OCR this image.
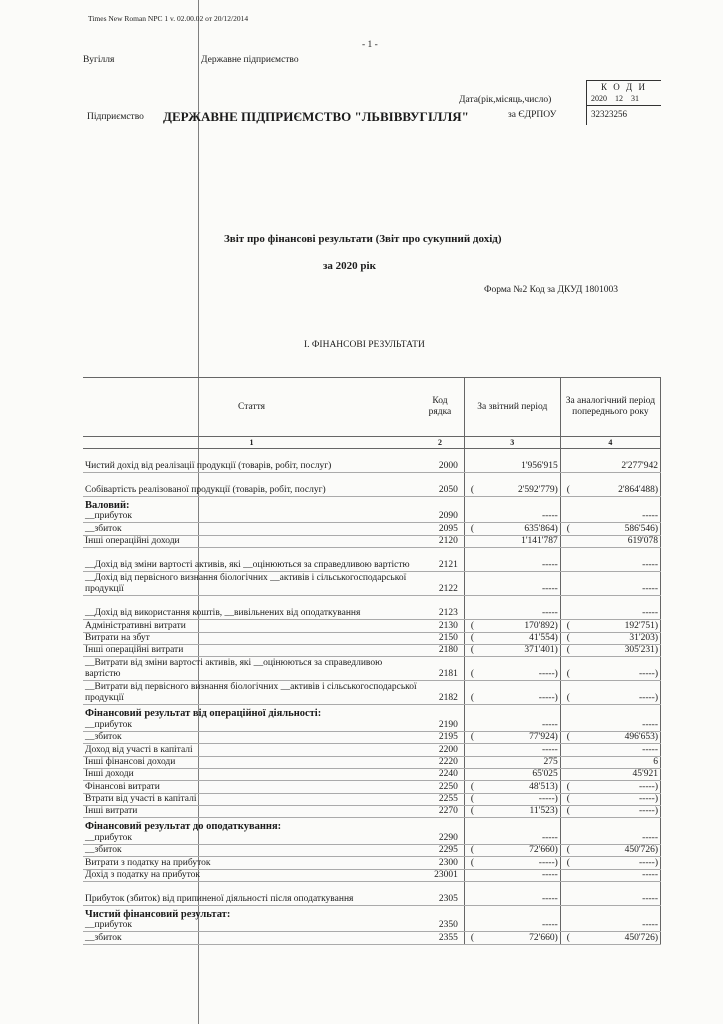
Times New Roman NPC 1 v. 02.00.02 от 20/12/2014
- 1 -
Вугілля	Державне підприємство
Дата(рік,місяць,число)
Підприємство ДЕРЖАВНЕ ПІДПРИЄМСТВО "ЛЬВІВВУГІЛЛЯ"	за ЄДРПОУ
К О Д И
2020 12 31
32323256
Звіт про фінансові результати (Звіт про сукупний дохід)
за 2020 рік
Форма №2 Код за ДКУД 1801003
І. ФІНАНСОВІ РЕЗУЛЬТАТИ
Стаття	Код рядка	За звітний період	За аналогічний період попереднього року
1	2	3	4
Чистий дохід від реалізації продукції (товарів, робіт, послуг)	2000	1'956'915	2'277'942
Собівартість реалізованої продукції (товарів, робіт, послуг)	2050	( 2'592'779)	( 2'864'488)
Валовий:			
__прибуток	2090	-----	-----
__збиток	2095	( 635'864)	( 586'546)
Інші операційні доходи	2120	1'141'787	619'078
__Дохід від зміни вартості активів, які __оцінюються за справедливою вартістю	2121	-----	-----
__Дохід від первісного визнання біологічних __активів і сільськогосподарської продукції	2122	-----	-----
__Дохід від використання коштів, __вивільнених від оподаткування	2123	-----	-----
Адміністративні витрати	2130	( 170'892)	( 192'751)
Витрати на збут	2150	( 41'554)	( 31'203)
Інші операційні витрати	2180	( 371'401)	( 305'231)
__Витрати від зміни вартості активів, які __оцінюються за справедливою вартістю	2181	( -----)	( -----)
__Витрати від первісного визнання біологічних __активів і сільськогосподарської продукції	2182	( -----)	( -----)
Фінансовий результат від операційної діяльності:			
__прибуток	2190	-----	-----
__збиток	2195	( 77'924)	( 496'653)
Доход від участі в капіталі	2200	-----	-----
Інші фінансові доходи	2220	275	6
Інші доходи	2240	65'025	45'921
Фінансові витрати	2250	( 48'513)	( -----)
Втрати від участі в капіталі	2255	( -----)	( -----)
Інші витрати	2270	( 11'523)	( -----)
Фінансовий результат до оподаткування:			
__прибуток	2290	-----	-----
__збиток	2295	( 72'660)	( 450'726)
Витрати з податку на прибуток	2300	( -----)	( -----)
Дохід з податку на прибуток	23001	-----	-----
Прибуток (збиток) від припиненої діяльності після оподаткування	2305	-----	-----
Чистий фінансовий результат:			
__прибуток	2350	-----	-----
__збиток	2355	( 72'660)	( 450'726)
